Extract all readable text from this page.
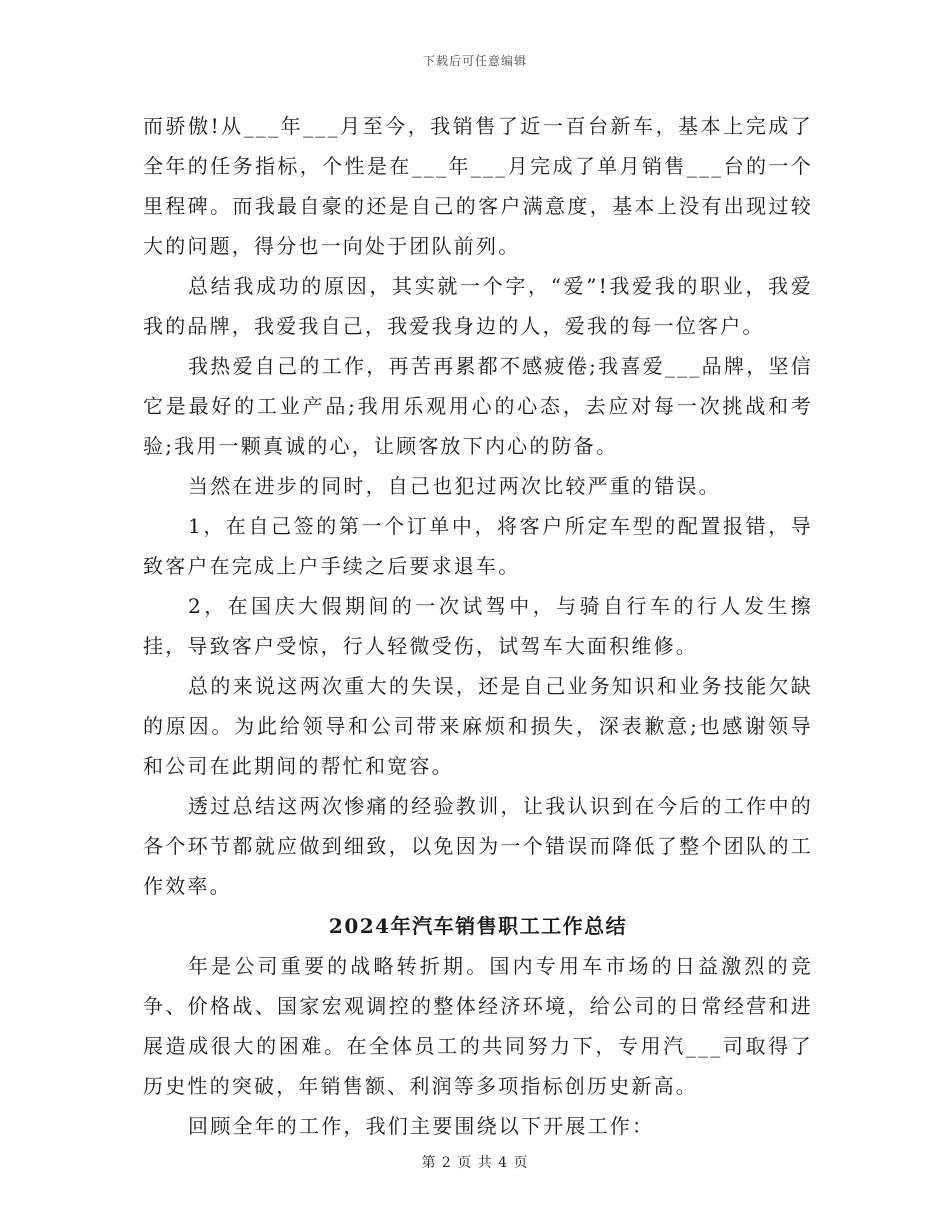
下载后可任意编辑

而骄傲!从___年___月至今，我销售了近一百台新车，基本上完成了全年的任务指标，个性是在___年___月完成了单月销售___台的一个里程碑。而我最自豪的还是自己的客户满意度，基本上没有出现过较大的问题，得分也一向处于团队前列。

总结我成功的原因，其实就一个字，“爱”!我爱我的职业，我爱我的品牌，我爱我自己，我爱我身边的人，爱我的每一位客户。

我热爱自己的工作，再苦再累都不感疲倦;我喜爱___品牌，坚信它是最好的工业产品;我用乐观用心的心态，去应对每一次挑战和考验;我用一颗真诚的心，让顾客放下内心的防备。

当然在进步的同时，自己也犯过两次比较严重的错误。

1，在自己签的第一个订单中，将客户所定车型的配置报错，导致客户在完成上户手续之后要求退车。

2，在国庆大假期间的一次试驾中，与骑自行车的行人发生擦挂，导致客户受惊，行人轻微受伤，试驾车大面积维修。

总的来说这两次重大的失误，还是自己业务知识和业务技能欠缺的原因。为此给领导和公司带来麻烦和损失，深表歉意;也感谢领导和公司在此期间的帮忙和宽容。

透过总结这两次惨痛的经验教训，让我认识到在今后的工作中的各个环节都就应做到细致，以免因为一个错误而降低了整个团队的工作效率。

2024年汽车销售职工工作总结

年是公司重要的战略转折期。国内专用车市场的日益激烈的竞争、价格战、国家宏观调控的整体经济环境，给公司的日常经营和进展造成很大的困难。在全体员工的共同努力下，专用汽___司取得了历史性的突破，年销售额、利润等多项指标创历史新高。

回顾全年的工作，我们主要围绕以下开展工作：

第 2 页 共 4 页
